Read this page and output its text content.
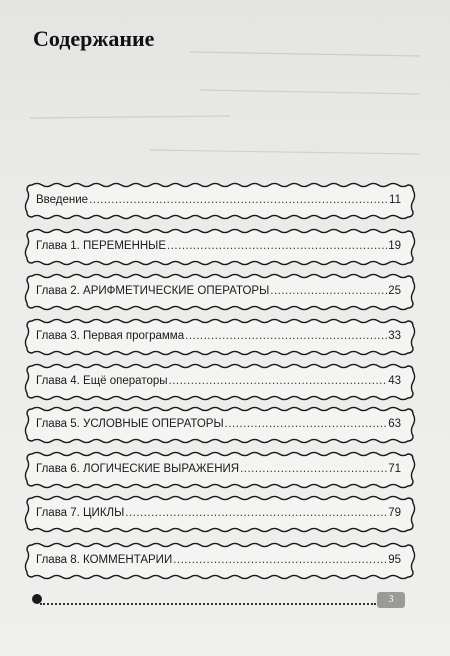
Содержание
Введение .....	11
Глава 1. ПЕРЕМЕННЫЕ .....	19
Глава 2. АРИФМЕТИЧЕСКИЕ ОПЕРАТОРЫ .....	25
Глава 3. Первая программа .....	33
Глава 4. Ещё операторы .....	43
Глава 5. УСЛОВНЫЕ ОПЕРАТОРЫ .....	63
Глава 6. ЛОГИЧЕСКИЕ ВЫРАЖЕНИЯ .....	71
Глава 7. ЦИКЛЫ .....	79
Глава 8. КОММЕНТАРИИ .....	95
3
